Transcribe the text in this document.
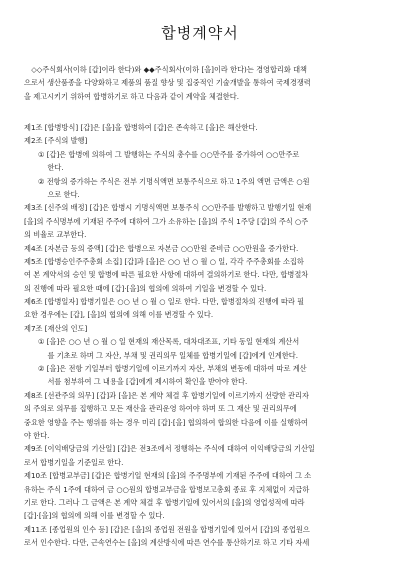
합병계약서
　◇◇주식회사(이하 [갑]이라 한다)와 ◆◆주식회사(이하 [을]이라 한다)는 경영합리화 대책
으로서 생산품종을 다양화하고 제품의 품질 향상 및 집중적인 기술개발을 통하여 국제경쟁력
을 제고시키기 위하여 합병하기로 하고 다음과 같이 계약을 체결한다.
제1조 [합병방식] [갑]은 [을]을 합병하여 [갑]은 존속하고 [을]은 해산한다.
제2조 [주식의 발행]
① [갑]은 합병에 의하여 그 발행하는 주식의 총수를 ○○만주를 증가하여 ○○만주로
　 한다.
② 전항의 증가하는 주식은 전부 기명식액면 보통주식으로 하고 1주의 액면 금액은 ○원
　 으로 한다.
제3조 [신주의 배정] [갑]은 합병시 기명식액면 보통주식 ○○만주를 발행하고 발행기일 현재
[을]의 주식명부에 기재된 주주에 대하여 그가 소유하는 [을]의 주식 1주당 [갑]의 주식 ○주
의 비율로 교부한다.
제4조 [자본금 등의 증액] [갑]은 합병으로 자본금 ○○만원 준비금 ○○만원을 증가한다.
제5조 [합병승인주주총회 소집] [갑]과 [을]은 ○○ 년 ○ 월 ○ 일, 각각 주주총회를 소집하
여 본 계약서의 승인 및 합병에 따른 필요한 사항에 대하여 결의하기로 한다. 다만, 합병절차
의 진행에 따라 필요한 때에 [갑]·[을]의 협의에 의하여 기일을 변경할 수 있다.
제6조 [합병일자] 합병기일은 ○○ 년 ○ 월 ○ 일로 한다. 다만, 합병절차의 진행에 따라 필
요한 경우에는 [갑], [을]의 협의에 의해 이를 변경할 수 있다.
제7조 [재산의 인도]
① [을]은 ○○ 년 ○ 월 ○ 일 현재의 재산목록, 대차대조표, 기타 동일 현재의 계산서
　 를 기초로 하며 그 자산, 부채 및 권리의무 일체를 합병기일에 [갑]에게 인계한다.
② [을]은 전항 기일부터 합병기일에 이르기까지 자산, 부채의 변동에 대하여 따로 계산
　 서를 첨부하여 그 내용을 [갑]에게 제시하여 확인을 받아야 한다.
제8조 [선관주의 의무] [갑]과 [을]은 본 계약 체결 후 합병기일에 이르기까지 선량한 관리자
의 주의로 의무를 집행하고 모든 재산을 관리운영 하여야 하며 또 그 재산 및 권리의무에
중요한 영향을 주는 행위를 하는 경우 미리 [갑]·[을] 협의하여 합의한 다음에 이를 실행하여
야 한다.
제9조 [이익배당금의 기산일] [갑]은 전3조에서 정행하는 주식에 대하여 이익배당금의 기산일
로서 합병기일을 기준일로 한다.
제10조 [합병교부금] [갑]은 합병기일 현재의 [을]의 주주명부에 기재된 주주에 대하여 그 소
유하는 주식 1주에 대하여 금 ○○원의 합병교부금을 합병보고총회 종료 후 지체없이 지급하
기로 한다. 그러나 그 금액은 본 계약 체결 후 합병기일에 있어서의 [을]의 영업성적에 따라
[갑]·[을]의 협의에 의해 이를 변경할 수 있다.
제11조 [종업원의 인수 등] [갑]은 [을]의 종업원 전원을 합병기일에 있어서 [갑]의 종업원으
로서 인수한다. 다만, 근속연수는 [을]의 계산방식에 따른 연수를 통산하기로 하고 기타 자세
